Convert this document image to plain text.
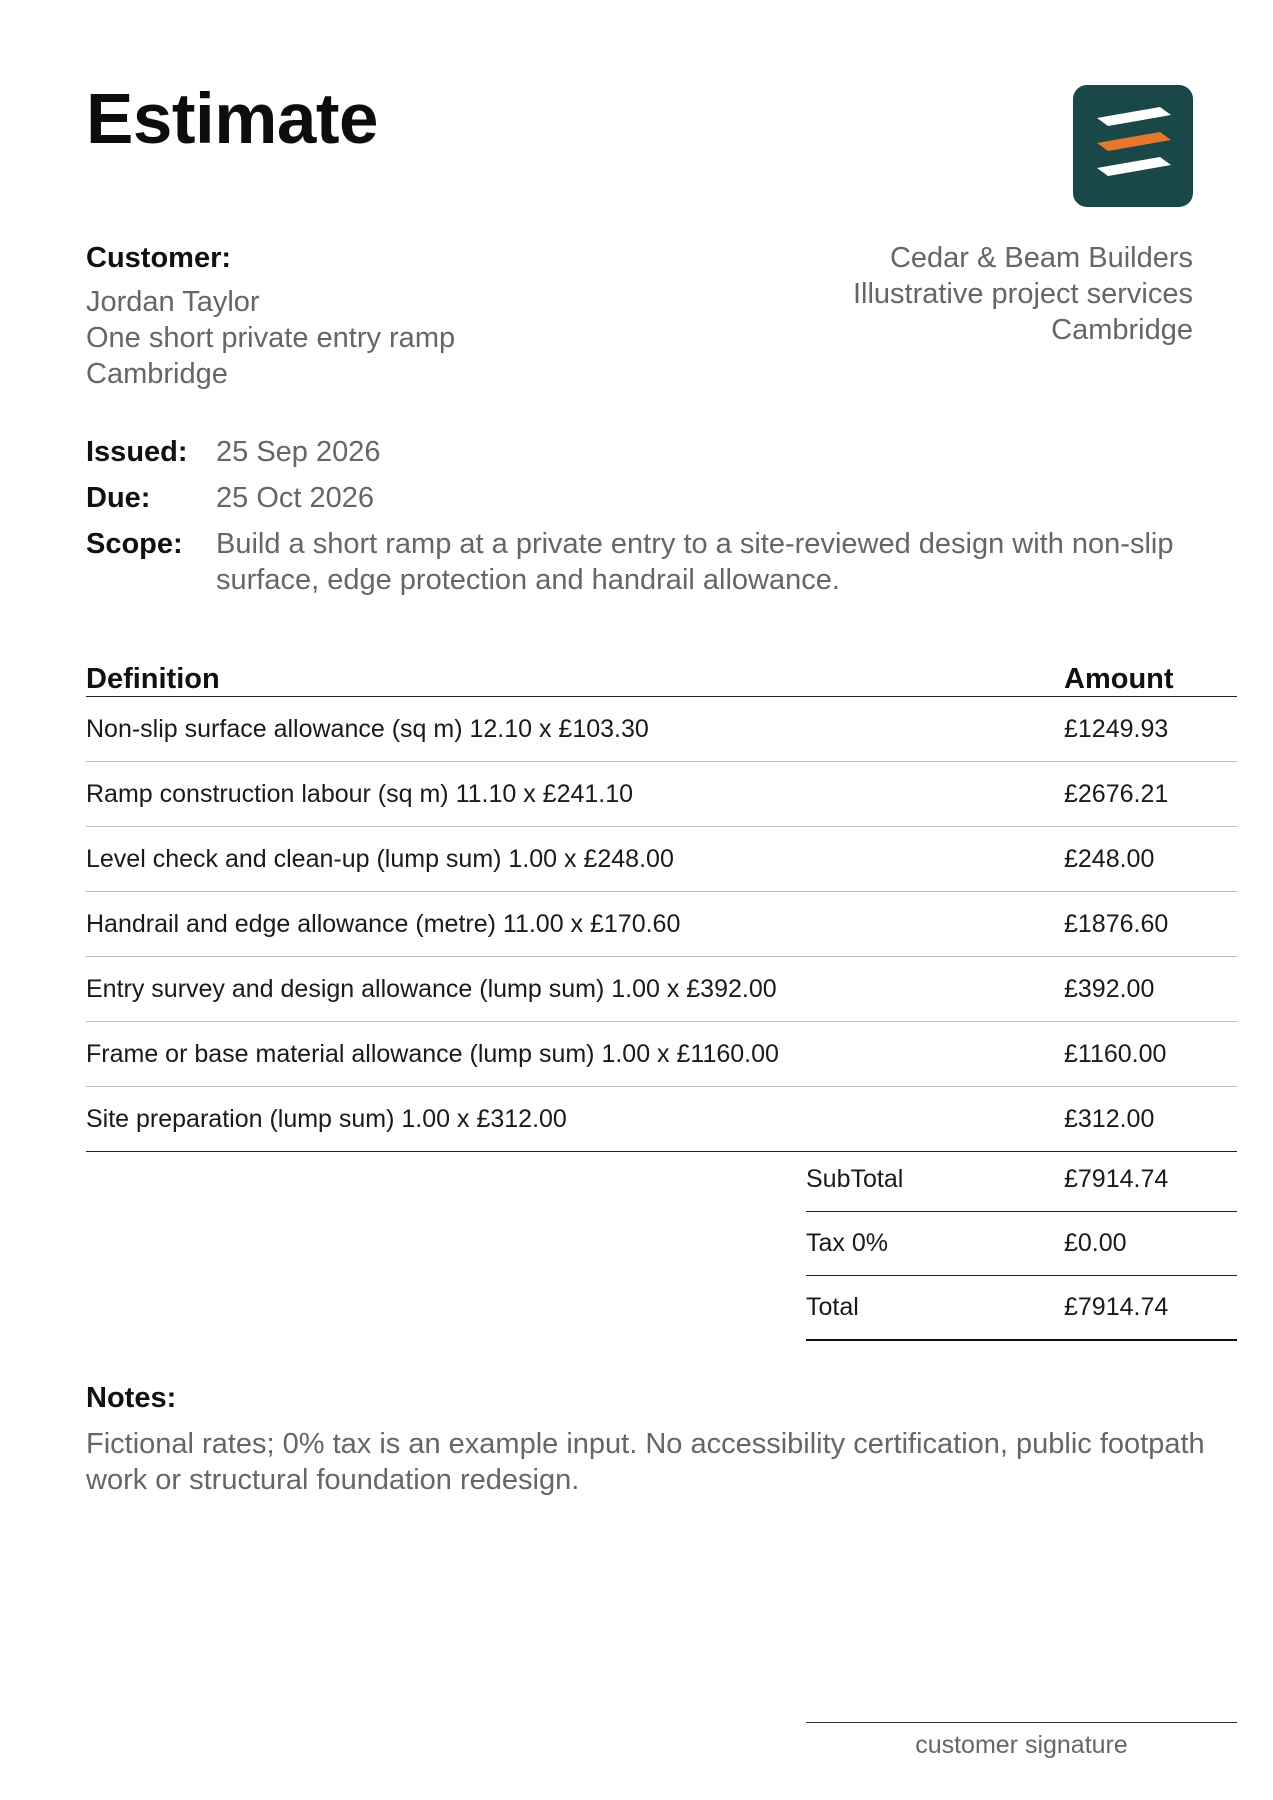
Estimate
Customer:
Jordan Taylor
One short private entry ramp
Cambridge
Cedar & Beam Builders
Illustrative project services
Cambridge
Issued: 25 Sep 2026
Due:	25 Oct 2026
Scope:	Build a short ramp at a private entry to a site-reviewed design with non-slip surface, edge protection and handrail allowance.
Definition	Amount
Non-slip surface allowance (sq m) 12.10 x £103.30	£1249.93
Ramp construction labour (sq m) 11.10 x £241.10	£2676.21
Level check and clean-up (lump sum) 1.00 x £248.00	£248.00
Handrail and edge allowance (metre) 11.00 x £170.60	£1876.60
Entry survey and design allowance (lump sum) 1.00 x £392.00	£392.00
Frame or base material allowance (lump sum) 1.00 x £1160.00	£1160.00
Site preparation (lump sum) 1.00 x £312.00	£312.00
SubTotal	£7914.74
Tax 0%	£0.00
Total	£7914.74
Notes:
Fictional rates; 0% tax is an example input. No accessibility certification, public footpath work or structural foundation redesign.
customer signature
